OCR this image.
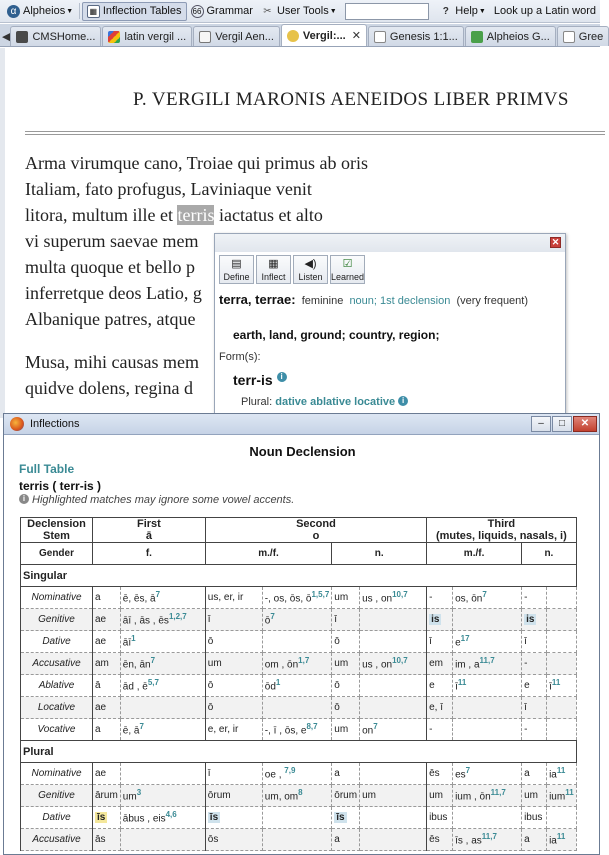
α Alpheios ▼	▦ Inflection Tables 66 Grammar ✂ User Tools ▼	? Help ▼ Look up a Latin word
◀ CMSHome...	latin vergil ...	Vergil Aen...	Vergil:... ✕	Genesis 1:1...	Alpheios G...	Gree
P. VERGILI MARONIS AENEIDOS LIBER PRIMVS
Arma virumque cano, Troiae qui primus ab oris
Italiam, fato profugus, Laviniaque venit
litora, multum ille et terris iactatus et alto
vi superum saevae mem
multa quoque et bello p
inferretque deos Latio, g
Albanique patres, atque
Musa, mihi causas mem
quidve dolens, regina d
✕
▤
Define
▦
Inflect
◀)
Listen
☑
Learned
terra, terrae: feminine noun; 1st declension (very frequent)
earth, land, ground; country, region;
Form(s):
terr-is i
Plural: dative ablative locative i
Inflections	–	□	✕
Noun Declension
Full Table
terris ( terr-is )
i Highlighted matches may ignore some vowel accents.
Declension
Stem	First
ā		Second
o				Third
(mutes, liquids, nasals, i)			
Gender	f.		m./f.		n.		m./f.		n.	
Singular										
Nominative	a	ē, ēs, $ā^7$	us, er, ir	-, os, ōs, $ō^{1,5,7}$	um	us , on$^{10,7}$	-	os, $ōn^7$	-	
Genitive	ae	āī , ās , ēs$^{1,2,7}$	ī	$ō^7$	ī		is		is	
Dative	ae	$āī^1$	ō		ō		ī	$e^{17}$	ī	
Accusative	am	ēn, $ān^7$	um	om , ōn$^{1,7}$	um	us , on$^{10,7}$	em	im , $a^{11,7}$	-	
Ablative	ā	ād , $ē^{5,7}$	ō	$ōd^1$	ō		e	$ī^{11}$	e	$ī^{11}$
Locative	ae		ō		ō		e, ī		ī	
Vocative	a	ē, $ā^7$	e, er, ir	-, ī , ōs, $e^{8,7}$	um	$on^7$	-		-	
Plural										
Nominative	ae		ī	oe , $^{7,9}$	a		ēs	$es^7$	a	$ia^{11}$
Genitive	ārum	$um^3$	ōrum	um, $om^8$	ōrum	um	um	ium , ōn$^{11,7}$	um	ium$^{11}$
Dative	īs	ābus , eis$^{4,6}$	īs		īs		ibus		ibus	
Accusative	ās		ōs		a		ēs	īs , as$^{11,7}$	a	$ia^{11}$
